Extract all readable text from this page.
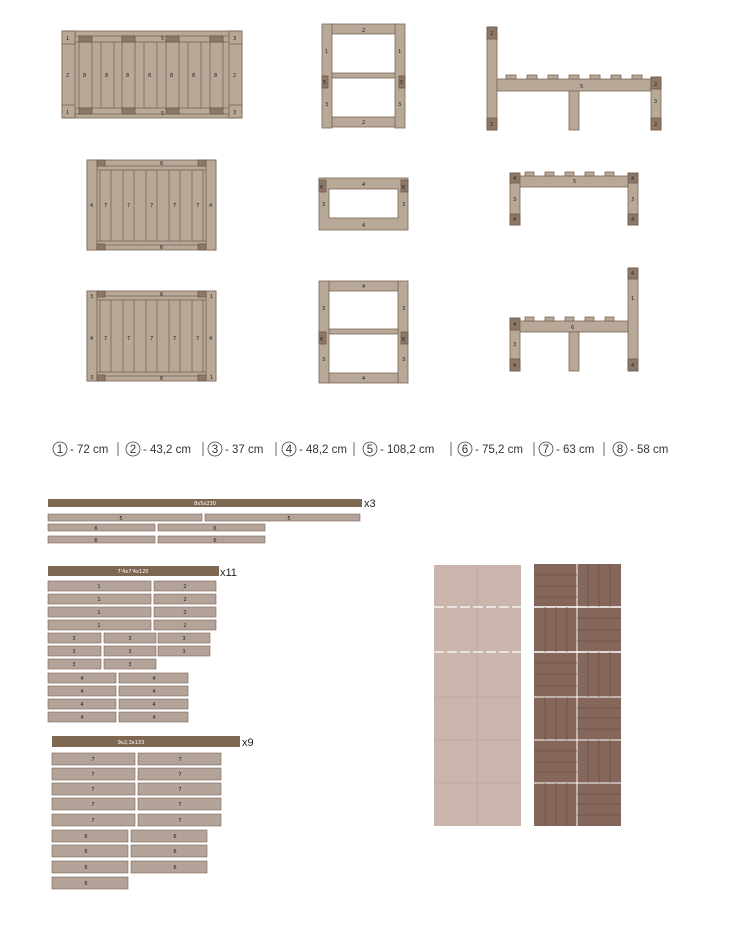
1
1
2
3
3
2
5
5
8	8	8	8	8	8	8
2
2
1	1
5	5
3	3
2
2
2
2
5
3
6
6
4	4
7	7	7	7	7
4
4
6	6
3	3
4	4
4	4
5
3	3
3
3
6
6
4	4
1
1
7	7	7	7	7
4
4
6	6
3	3
3	3
4
4
4
4
6
1
3
1 - 72 cm 2 - 43,2 cm 3 - 37 cm 4 - 48,2 cm 5 - 108,2 cm 6 - 75,2 cm 7 - 63 cm 8 - 58 cm
8x5x230	x3
5	5
6	6
6	6
7'4x7'4x120	x11
1	2
1	2
1	2
1	2
3	3	3
3	3	3
3	3
4	4
4	4
4	4
4	4
9x2,3x133	x9
7	7
7	7
7	7
7	7
7	7
6	6
6	6
6	6
6
